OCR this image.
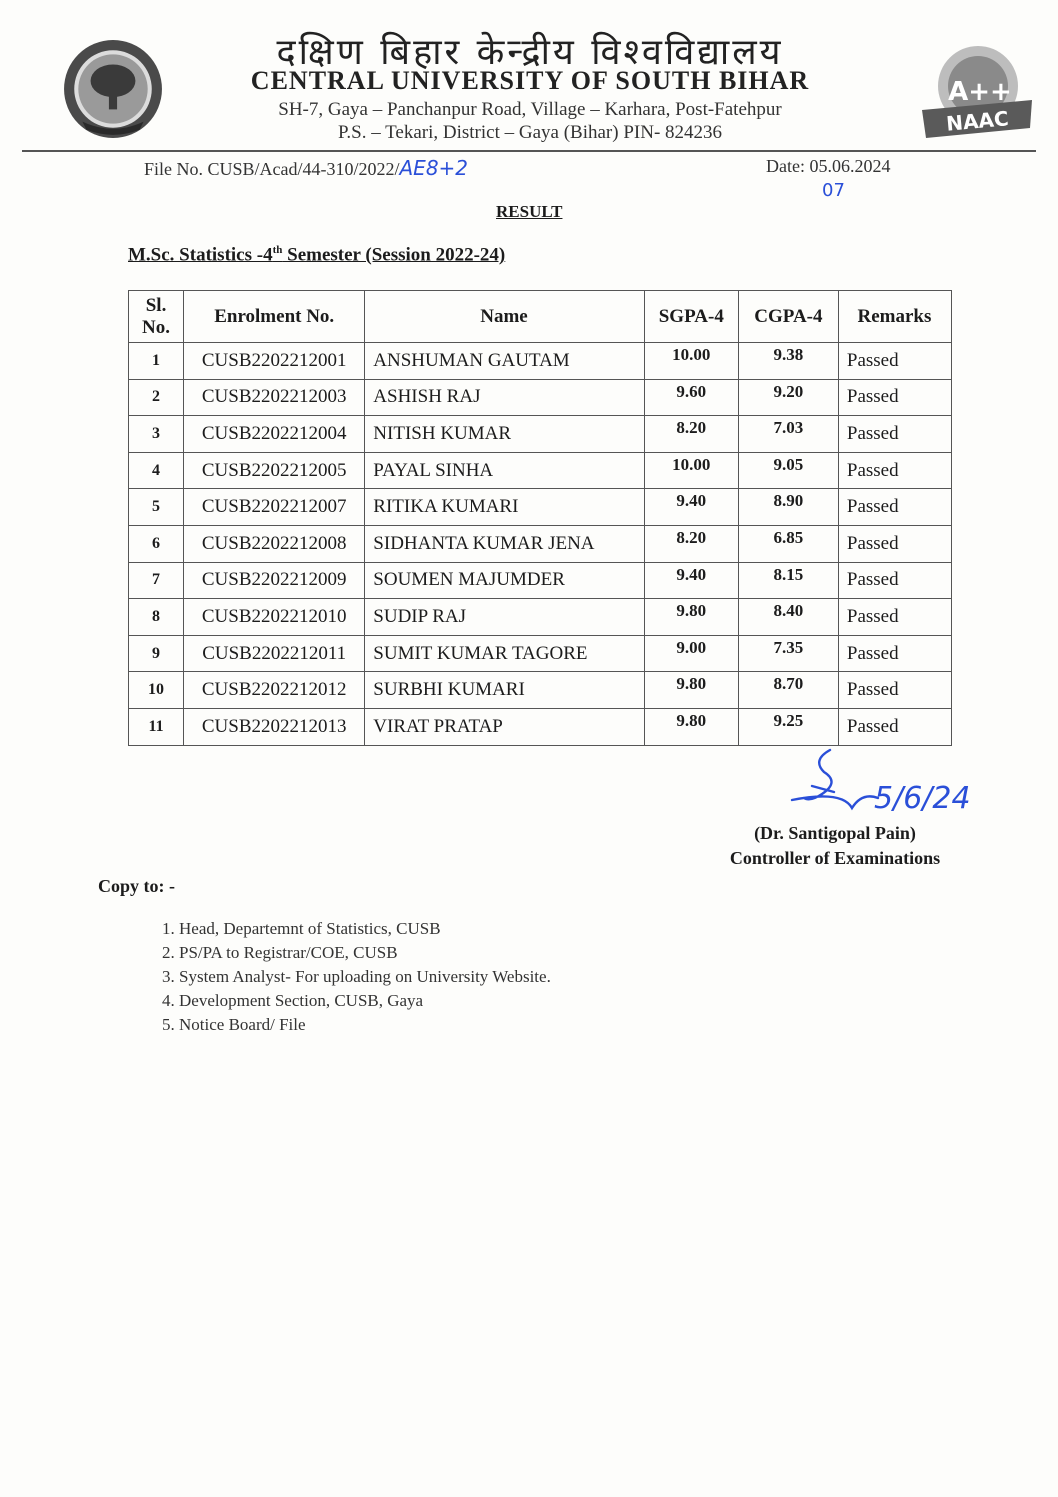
दक्षिण बिहार केन्द्रीय विश्वविद्यालय
CENTRAL UNIVERSITY OF SOUTH BIHAR
SH-7, Gaya – Panchanpur Road, Village – Karhara, Post-Fatehpur
P.S. – Tekari, District – Gaya (Bihar) PIN- 824236
A++
NAAC
File No. CUSB/Acad/44-310/2022/AE8+2	Date: 05.06.2024
07
RESULT
M.Sc. Statistics -4th Semester (Session 2022-24)
Sl. No.	Enrolment No.	Name	SGPA-4	CGPA-4	Remarks
1	CUSB2202212001	ANSHUMAN GAUTAM	10.00	9.38	Passed
2	CUSB2202212003	ASHISH RAJ	9.60	9.20	Passed
3	CUSB2202212004	NITISH KUMAR	8.20	7.03	Passed
4	CUSB2202212005	PAYAL SINHA	10.00	9.05	Passed
5	CUSB2202212007	RITIKA KUMARI	9.40	8.90	Passed
6	CUSB2202212008	SIDHANTA KUMAR JENA	8.20	6.85	Passed
7	CUSB2202212009	SOUMEN MAJUMDER	9.40	8.15	Passed
8	CUSB2202212010	SUDIP RAJ	9.80	8.40	Passed
9	CUSB2202212011	SUMIT KUMAR TAGORE	9.00	7.35	Passed
10	CUSB2202212012	SURBHI KUMARI	9.80	8.70	Passed
11	CUSB2202212013	VIRAT PRATAP	9.80	9.25	Passed
5/6/24
(Dr. Santigopal Pain)
Controller of Examinations
Copy to: -
1. Head, Departemnt of Statistics, CUSB
2. PS/PA to Registrar/COE, CUSB
3. System Analyst- For uploading on University Website.
4. Development Section, CUSB, Gaya
5. Notice Board/ File
